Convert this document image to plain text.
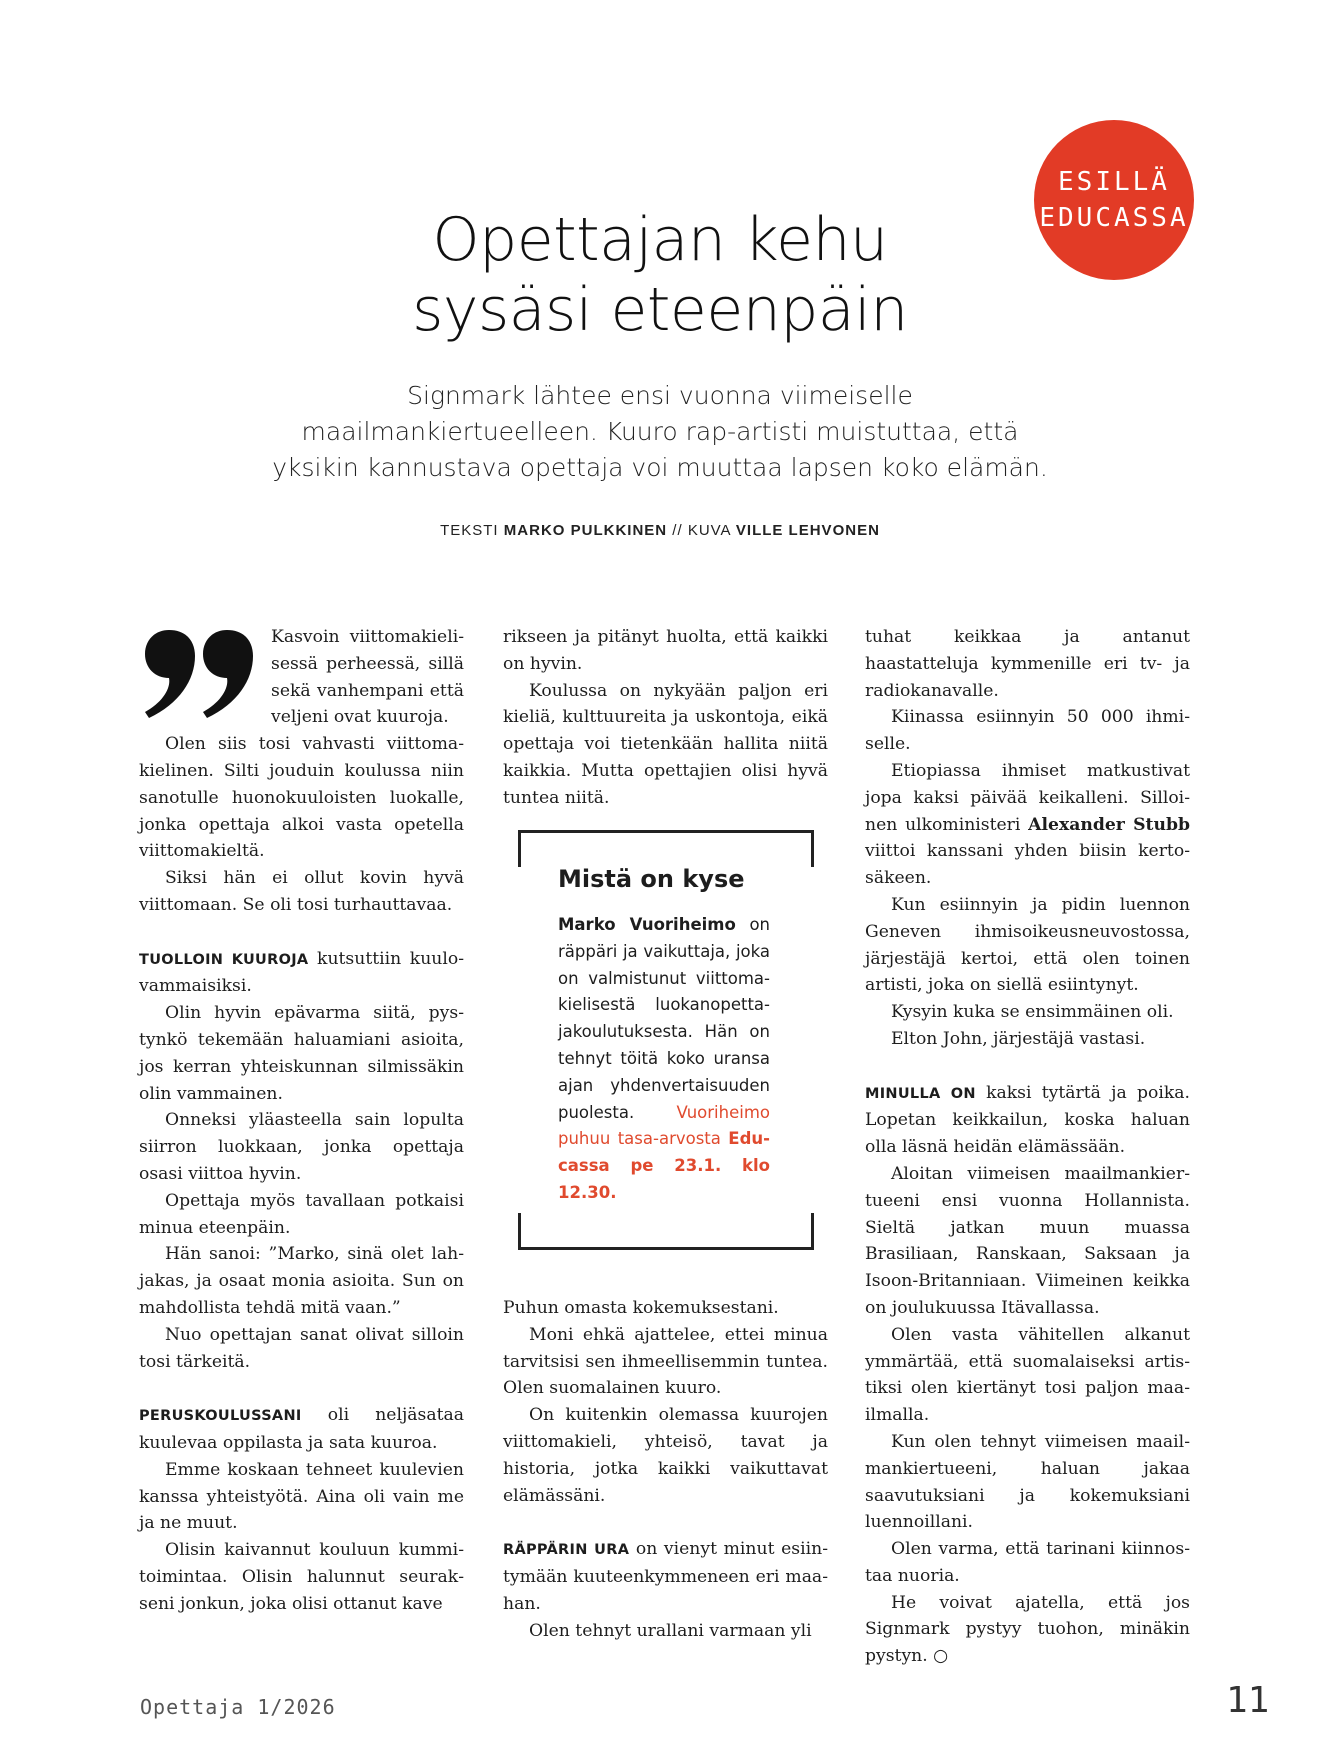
ESILLÄ
EDUCASSA
Opettajan kehu
sysäsi eteenpäin

Signmark lähtee ensi vuonna viimeiselle maailmankiertueelleen. Kuuro rap-artisti muistuttaa, että yksikin kannustava opettaja voi muuttaa lapsen koko elämän.

TEKSTI MARKO PULKKINEN // KUVA VILLE LEHVONEN

Kasvoin viittomakielisessä perheessä, sillä sekä vanhempani että veljeni ovat kuuroja.

Olen siis tosi vahvasti viittomakielinen. Silti jouduin koulussa niin sanotulle huonokuuloisten luokalle, jonka opettaja alkoi vasta opetella viittomakieltä.

Siksi hän ei ollut kovin hyvä viittomaan. Se oli tosi turhauttavaa.

TUOLLOIN KUUROJA kutsuttiin kuulovammaisiksi.

Olin hyvin epävarma siitä, pystynkö tekemään haluamiani asioita, jos kerran yhteiskunnan silmissäkin olin vammainen.

Onneksi yläasteella sain lopulta siirron luokkaan, jonka opettaja osasi viittoa hyvin.

Opettaja myös tavallaan potkaisi minua eteenpäin.

Hän sanoi: ”Marko, sinä olet lahjakas, ja osaat monia asioita. Sun on mahdollista tehdä mitä vaan.”

Nuo opettajan sanat olivat silloin tosi tärkeitä.

PERUSKOULUSSANI oli neljäsataa kuulevaa oppilasta ja sata kuuroa.

Emme koskaan tehneet kuulevien kanssa yhteistyötä. Aina oli vain me ja ne muut.

Olisin kaivannut kouluun kummitoimintaa. Olisin halunnut seurakseni jonkun, joka olisi ottanut kave

rikseen ja pitänyt huolta, että kaikki on hyvin.

Koulussa on nykyään paljon eri kieliä, kulttuureita ja uskontoja, eikä opettaja voi tietenkään hallita niitä kaikkia. Mutta opettajien olisi hyvä tuntea niitä.

Mistä on kyse
Marko Vuoriheimo on räppäri ja vaikuttaja, joka on valmistunut viittomakielisestä luokanopettajakoulutuksesta. Hän on tehnyt töitä koko uransa ajan yhdenvertaisuuden puolesta. Vuoriheimo puhuu tasa-arvosta Educassa pe 23.1. klo 12.30.

Puhun omasta kokemuksestani.

Moni ehkä ajattelee, ettei minua tarvitsisi sen ihmeellisemmin tuntea. Olen suomalainen kuuro.

On kuitenkin olemassa kuurojen viittomakieli, yhteisö, tavat ja historia, jotka kaikki vaikuttavat elämässäni.

RÄPPÄRIN URA on vienyt minut esiintymään kuuteenkymmeneen eri maahan.

Olen tehnyt urallani varmaan yli

tuhat keikkaa ja antanut haastatteluja kymmenille eri tv- ja radiokanavalle.

Kiinassa esiinnyin 50 000 ihmiselle.

Etiopiassa ihmiset matkustivat jopa kaksi päivää keikalleni. Silloinen ulkoministeri Alexander Stubb viittoi kanssani yhden biisin kertosäkeen.

Kun esiinnyin ja pidin luennon Geneven ihmisoikeusneuvostossa, järjestäjä kertoi, että olen toinen artisti, joka on siellä esiintynyt.

Kysyin kuka se ensimmäinen oli.

Elton John, järjestäjä vastasi.

MINULLA ON kaksi tytärtä ja poika. Lopetan keikkailun, koska haluan olla läsnä heidän elämässään.

Aloitan viimeisen maailmankiertueeni ensi vuonna Hollannista. Sieltä jatkan muun muassa Brasiliaan, Ranskaan, Saksaan ja Isoon-Britanniaan. Viimeinen keikka on joulukuussa Itävallassa.

Olen vasta vähitellen alkanut ymmärtää, että suomalaiseksi artistiksi olen kiertänyt tosi paljon maailmalla.

Kun olen tehnyt viimeisen maailmankiertueeni, haluan jakaa saavutuksiani ja kokemuksiani luennoillani.

Olen varma, että tarinani kiinnostaa nuoria.

He voivat ajatella, että jos Signmark pystyy tuohon, minäkin pystyn. ○

Opettaja 1/2026	11
